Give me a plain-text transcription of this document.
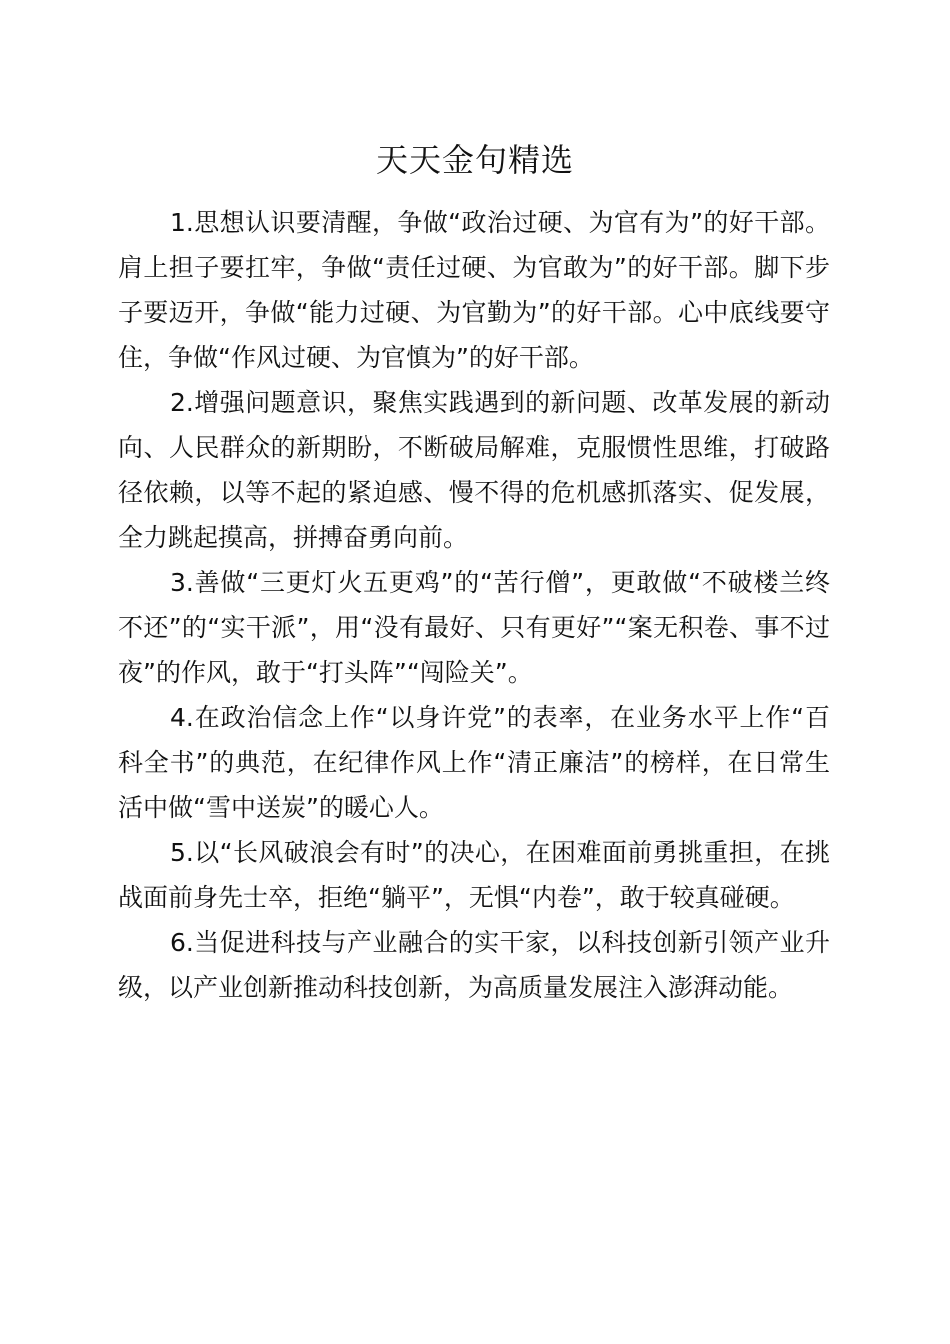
天天金句精选

1.思想认识要清醒，争做“政治过硬、为官有为”的好干部。肩上担子要扛牢，争做“责任过硬、为官敢为”的好干部。脚下步子要迈开，争做“能力过硬、为官勤为”的好干部。心中底线要守住，争做“作风过硬、为官慎为”的好干部。

2.增强问题意识，聚焦实践遇到的新问题、改革发展的新动向、人民群众的新期盼，不断破局解难，克服惯性思维，打破路径依赖，以等不起的紧迫感、慢不得的危机感抓落实、促发展，全力跳起摸高，拼搏奋勇向前。

3.善做“三更灯火五更鸡”的“苦行僧”，更敢做“不破楼兰终不还”的“实干派”，用“没有最好、只有更好”“案无积卷、事不过夜”的作风，敢于“打头阵”“闯险关”。

4.在政治信念上作“以身许党”的表率，在业务水平上作“百科全书”的典范，在纪律作风上作“清正廉洁”的榜样，在日常生活中做“雪中送炭”的暖心人。

5.以“长风破浪会有时”的决心，在困难面前勇挑重担，在挑战面前身先士卒，拒绝“躺平”，无惧“内卷”，敢于较真碰硬。

6.当促进科技与产业融合的实干家，以科技创新引领产业升级，以产业创新推动科技创新，为高质量发展注入澎湃动能。
